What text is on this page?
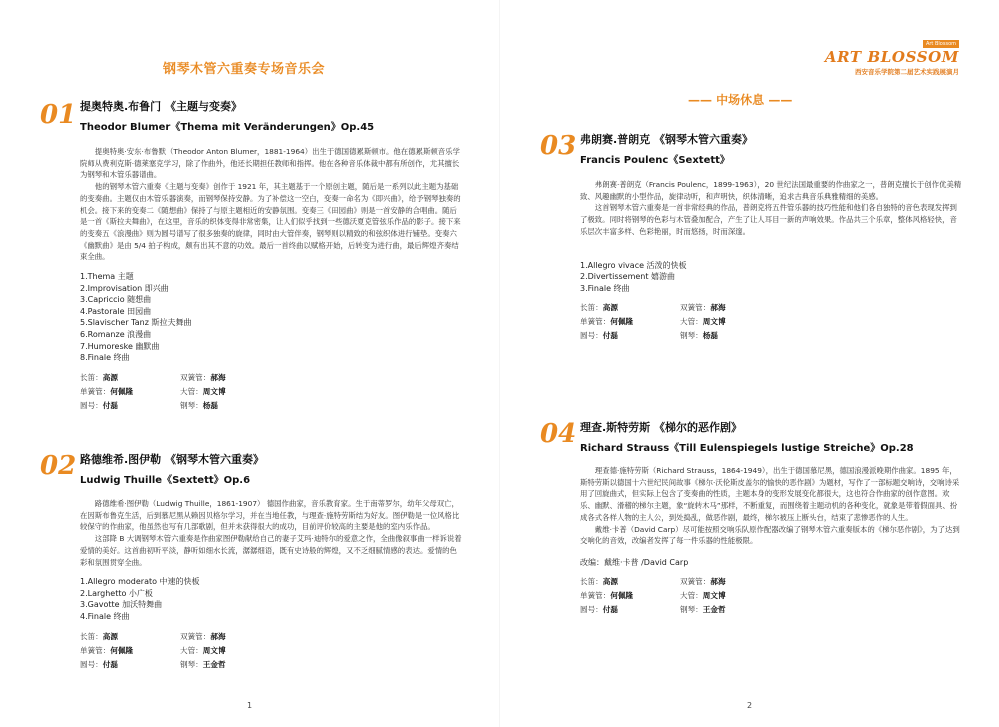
钢琴木管六重奏专场音乐会
01 提奥特奥.布鲁门 《主题与变奏》
Theodor Blumer《Thema mit Veränderungen》Op.45

提奥特奥·安东·布鲁默（Theodor Anton Blumer，1881-1964）出生于德国德累斯顿市。他在德累斯顿音乐学院师从费利克斯·德莱塞克学习，除了作曲外，他还长期担任教师和指挥。他在各种音乐体裁中都有所创作，尤其擅长为钢琴和木管乐器谱曲。

他的钢琴木管六重奏《主题与变奏》创作于 1921 年，其主题基于一个原创主题，随后是一系列以此主题为基础的变奏曲。主题仅由木管乐器演奏，而钢琴保持安静。为了补偿这一空白，变奏一命名为《即兴曲》，给予钢琴独奏的机会。接下来的变奏二《随想曲》保持了与原主题相近的安静氛围。变奏三《田园曲》则是一首安静的合唱曲。随后是一首《斯拉夫舞曲》，在这里，音乐的织体变得非常密集，让人们似乎找到一些德沃夏克管弦乐作品的影子。接下来的变奏五《浪漫曲》则为圆号谱写了很多独奏的旋律，同时由大管伴奏，钢琴则以精致的和弦织体进行铺垫。变奏六《幽默曲》是由 5/4 拍子构成，颇有出其不意的功效。最后一首终曲以赋格开始，后转变为进行曲，最后辉煌齐奏结束全曲。

1.Thema 主题
2.Improvisation 即兴曲
3.Capriccio 随想曲
4.Pastorale 田园曲
5.Slavischer Tanz 斯拉夫舞曲
6.Romanze 浪漫曲
7.Humoreske 幽默曲
8.Finale 终曲
长笛：高源	双簧管：郝海
单簧管：何佩隆	大管：周文博
圆号：付磊	钢琴：杨磊
02 路德维希.图伊勒 《钢琴木管六重奏》
Ludwig Thuille《Sextett》Op.6

路德维希·图伊勒（Ludwig Thuille，1861-1907） 德国作曲家，音乐教育家。生于南蒂罗尔，幼年父母双亡，在因斯布鲁克生活，后到慕尼黑从赖因贝格尔学习，并在当地任教，与理查·施特劳斯结为好友。图伊勒是一位风格比较保守的作曲家，他虽然也写有几部歌剧，但并未获得很大的成功，目前评价较高的主要是他的室内乐作品。

这部降 B 大调钢琴木管六重奏是作曲家图伊勒献给自己的妻子艾玛·迪特尔的爱意之作，全曲像叙事曲一样诉说着爱情的美好。这首曲初听平淡，静听如细水长流，潺潺细语，既有史诗般的辉煌，又不乏细腻情感的表达。爱情的色彩和氛围贯穿全曲。

1.Allegro moderato 中速的快板
2.Larghetto 小广板
3.Gavotte 加沃特舞曲
4.Finale 终曲
长笛：高源	双簧管：郝海
单簧管：何佩隆	大管：周文博
圆号：付磊	钢琴：王金哲
1
Art Blossom
ART BLOSSOM
西安音乐学院第二届艺术实践展演月
—— 中场休息 ——
03 弗朗赛.普朗克 《钢琴木管六重奏》
Francis Poulenc《Sextett》

弗朗赛·普朗克（Francis Poulenc，1899-1963），20 世纪法国最重要的作曲家之一，普朗克擅长于创作优美精致、风趣幽默的小型作品，旋律动听，和声明快，织体清晰，追求古典音乐典雅精细的美感。

这首钢琴木管六重奏是一首非常经典的作品，普朗克将五件管乐器的技巧性能和他们各自独特的音色表现发挥到了极致。同时将钢琴的色彩与木管叠加配合，产生了让人耳目一新的声响效果。作品共三个乐章，整体风格轻快，音乐层次丰富多样、色彩艳丽，时而悠扬，时而深邃。

1.Allegro vivace 活泼的快板
2.Divertissement 嬉游曲
3.Finale 终曲
长笛：高源	双簧管：郝海
单簧管：何佩隆	大管：周文博
圆号：付磊	钢琴：杨磊
04 理查.斯特劳斯 《梯尔的恶作剧》
Richard Strauss《Till Eulenspiegels lustige Streiche》Op.28

理查德·施特劳斯（Richard Strauss，1864-1949），出生于德国慕尼黑，德国浪漫派晚期作曲家。1895 年，斯特劳斯以德国十六世纪民间故事《梯尔·沃伦斯皮盖尔的愉快的恶作剧》为题材，写作了一部标题交响诗，交响诗采用了回旋曲式，但实际上包含了变奏曲的性质，主题本身的变形发展变化都很大，这也符合作曲家的创作意图。欢乐、幽默、滑稽的梯尔主题，象“旋转木马”那样，不断重复，而围绕着主题动机的各种变化，就象是带着假面具、扮成各式各样人物的主人公，到处捣乱，做恶作剧，最终，梯尔被压上断头台，结束了悲惨恶作的人生。

戴维·卡普（David Carp）尽可能按照交响乐队原作配器改编了钢琴木管六重奏版本的《梯尔恶作剧》，为了达到交响化的音效，改编者发挥了每一件乐器的性能极限。

改编：戴维·卡普 /David Carp
长笛：高源	双簧管：郝海
单簧管：何佩隆	大管：周文博
圆号：付磊	钢琴：王金哲
2
